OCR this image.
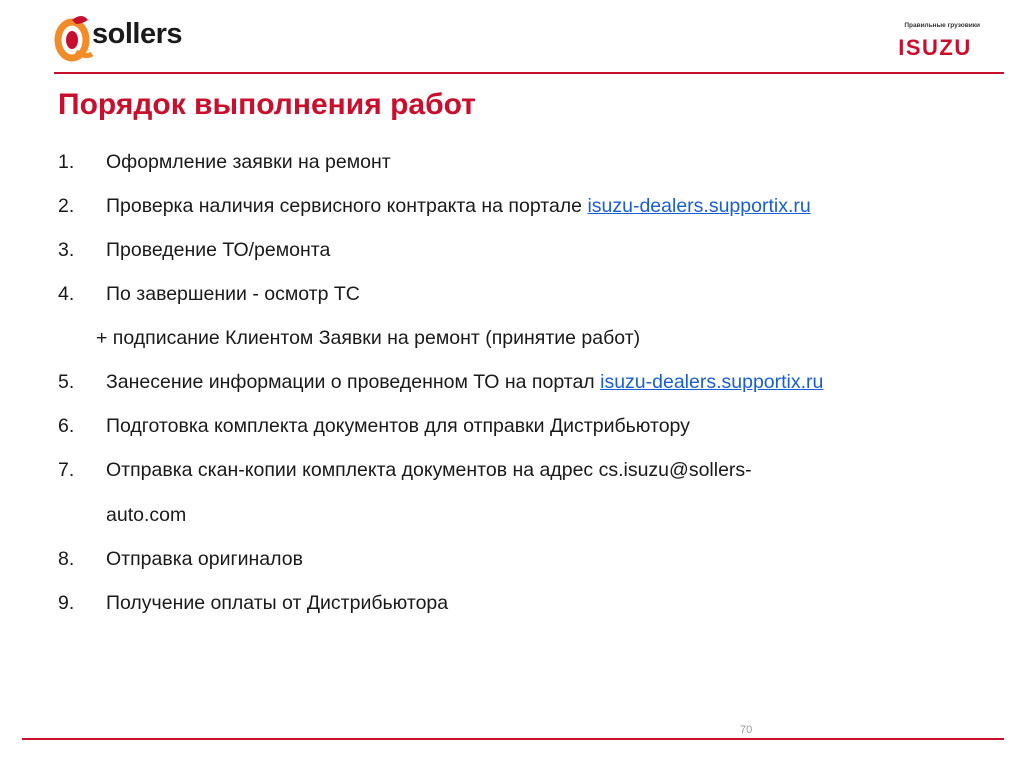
sollers	Правильные грузовики
ISUZU
Порядок выполнения работ
1. Оформление заявки на ремонт
2. Проверка наличия сервисного контракта на портале isuzu-dealers.supportix.ru
3. Проведение ТО/ремонта
4. По завершении - осмотр ТС
+ подписание Клиентом Заявки на ремонт (принятие работ)
5. Занесение информации о проведенном ТО на портал isuzu-dealers.supportix.ru
6. Подготовка комплекта документов для отправки Дистрибьютору
7. Отправка скан-копии комплекта документов на адрес cs.isuzu@sollers-
auto.com
8. Отправка оригиналов
9. Получение оплаты от Дистрибьютора
70
